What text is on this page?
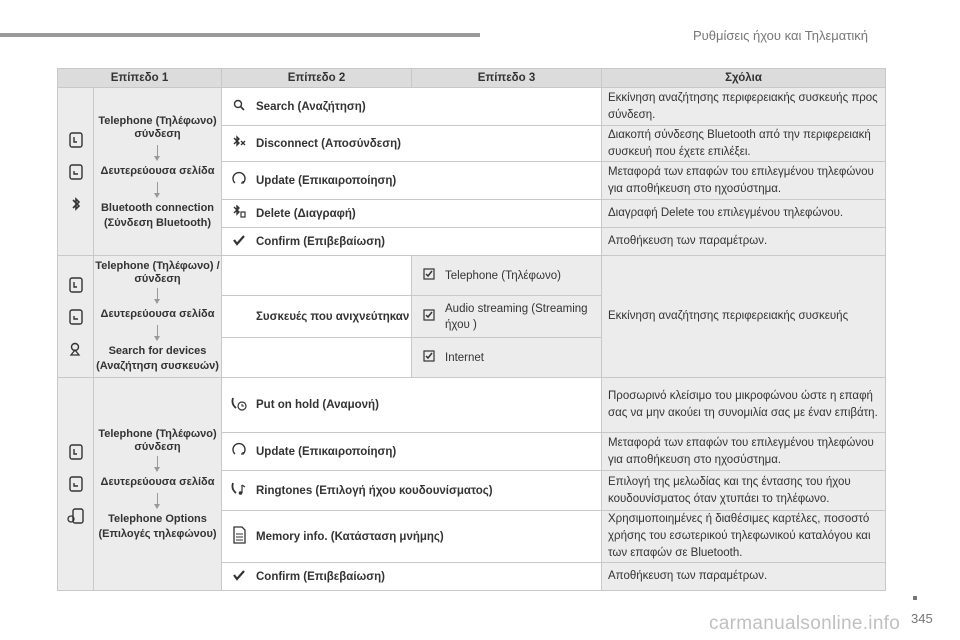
Ρυθμίσεις ήχου και Τηλεματική
Επίπεδο 1		Επίπεδο 2	Επίπεδο 3	Σχόλια

Telephone (Τηλέφωνο) σύνδεση
Δευτερεύουσα σελίδα
Bluetooth connection
(Σύνδεση Bluetooth)	Search (Αναζήτηση)		Εκκίνηση αναζήτησης περιφερειακής συσκευής προς σύνδεση.

		Disconnect (Αποσύνδεση)		Διακοπή σύνδεσης Bluetooth από την περιφερειακή συσκευή που έχετε επιλέξει.

		Update (Επικαιροποίηση)		Μεταφορά των επαφών του επιλεγμένου τηλεφώνου για αποθήκευση στο ηχοσύστημα.

		Delete (Διαγραφή)		Διαγραφή Delete του επιλεγμένου τηλεφώνου.

		Confirm (Επιβεβαίωση)		Αποθήκευση των παραμέτρων.

Telephone (Τηλέφωνο) /
σύνδεση
Δευτερεύουσα σελίδα
Search for devices
(Αναζήτηση συσκευών)		Telephone (Τηλέφωνο)	Εκκίνηση αναζήτησης περιφερειακής συσκευής

		Συσκευές που ανιχνεύτηκαν	Audio streaming (Streaming ήχου )	

			Internet	

Telephone (Τηλέφωνο)
σύνδεση
Δευτερεύουσα σελίδα
Telephone Options
(Επιλογές τηλεφώνου)	Put on hold (Αναμονή)		Προσωρινό κλείσιμο του μικροφώνου ώστε η επαφή σας να μην ακούει τη συνομιλία σας με έναν επιβάτη.

		Update (Επικαιροποίηση)		Μεταφορά των επαφών του επιλεγμένου τηλεφώνου για αποθήκευση στο ηχοσύστημα.

		Ringtones (Επιλογή ήχου κουδουνίσματος)		Επιλογή της μελωδίας και της έντασης του ήχου κουδουνίσματος όταν χτυπάει το τηλέφωνο.

		Memory info. (Κατάσταση μνήμης)		Χρησιμοποιημένες ή διαθέσιμες καρτέλες, ποσοστό χρήσης του εσωτερικού τηλεφωνικού καταλόγου και των επαφών σε Bluetooth.

		Confirm (Επιβεβαίωση)		Αποθήκευση των παραμέτρων.
345
carmanualsonline.info
